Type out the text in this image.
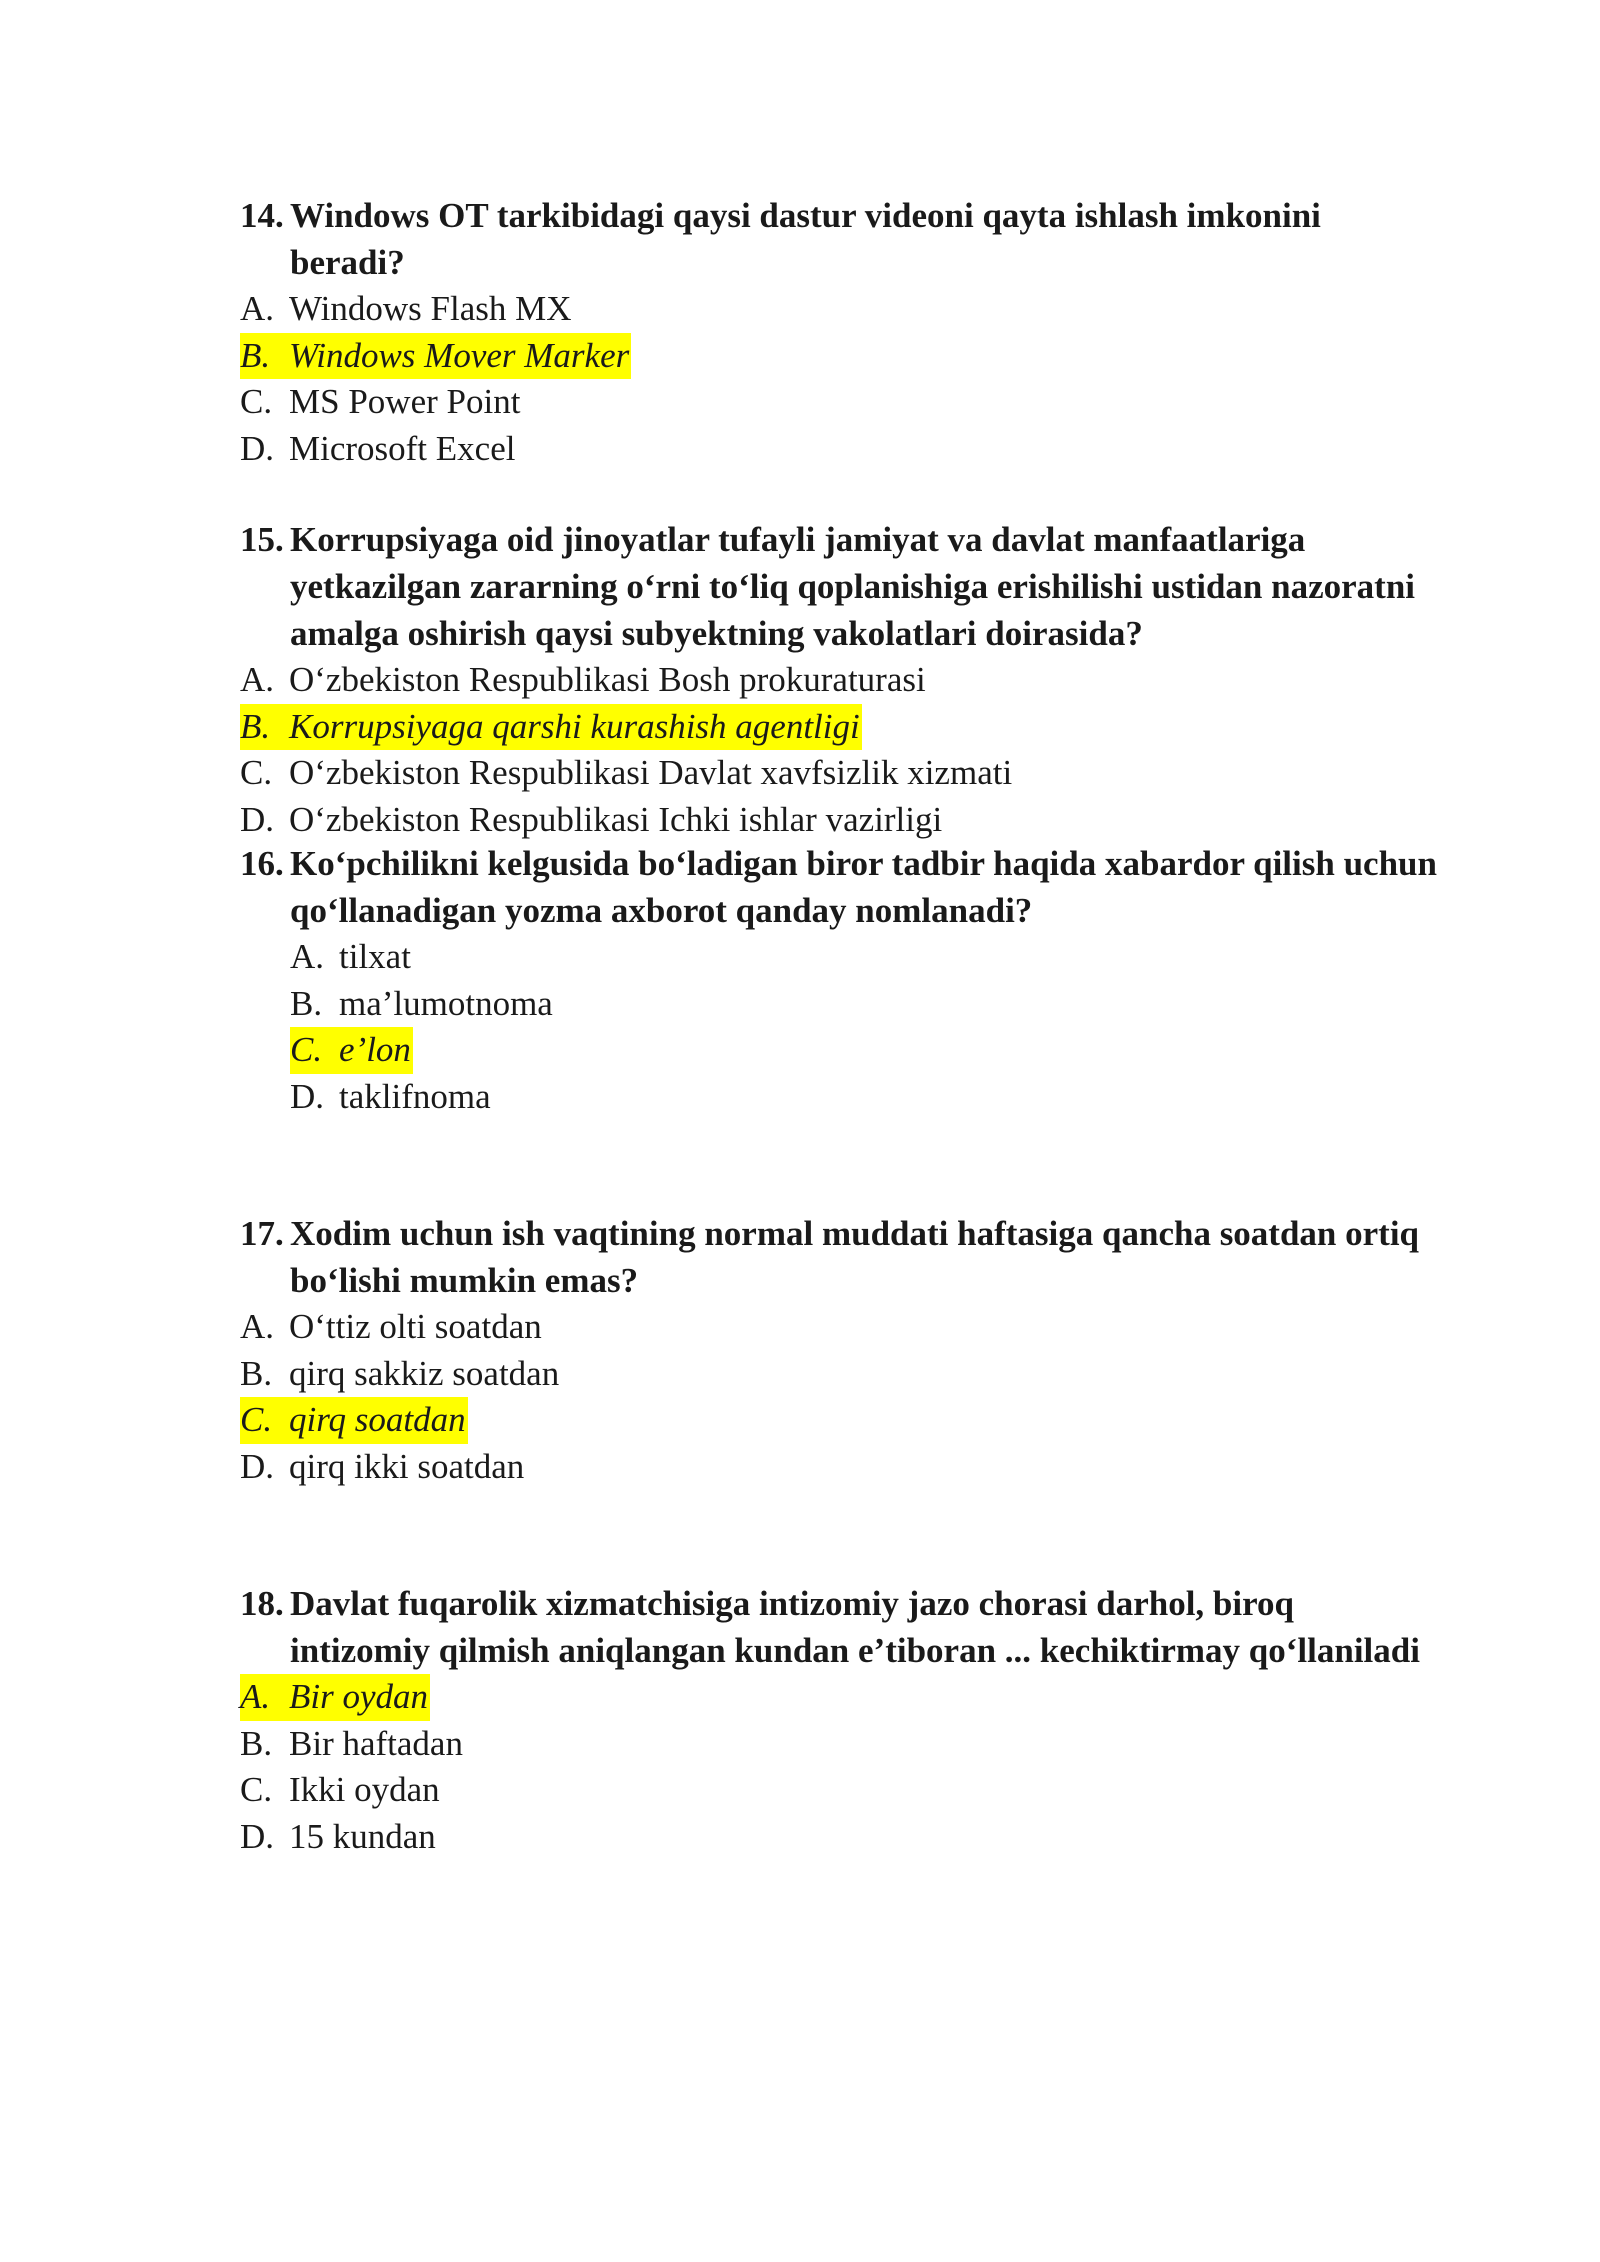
14. Windows OT tarkibidagi qaysi dastur videoni qayta ishlash imkonini beradi?
A. Windows Flash MX
B. Windows Mover Marker
C. MS Power Point
D. Microsoft Excel
15. Korrupsiyaga oid jinoyatlar tufayli jamiyat va davlat manfaatlariga yetkazilgan zararning o‘rni to‘liq qoplanishiga erishilishi ustidan nazoratni amalga oshirish qaysi subyektning vakolatlari doirasida?
A. O‘zbekiston Respublikasi Bosh prokuraturasi
B. Korrupsiyaga qarshi kurashish agentligi
C. O‘zbekiston Respublikasi Davlat xavfsizlik xizmati
D. O‘zbekiston Respublikasi Ichki ishlar vazirligi
16. Ko‘pchilikni kelgusida bo‘ladigan biror tadbir haqida xabardor qilish uchun qo‘llanadigan yozma axborot qanday nomlanadi?
A. tilxat
B. ma’lumotnoma
C. e’lon
D. taklifnoma
17. Xodim uchun ish vaqtining normal muddati haftasiga qancha soatdan ortiq bo‘lishi mumkin emas?
A. O‘ttiz olti soatdan
B. qirq sakkiz soatdan
C. qirq soatdan
D. qirq ikki soatdan
18. Davlat fuqarolik xizmatchisiga intizomiy jazo chorasi darhol, biroq intizomiy qilmish aniqlangan kundan e’tiboran ... kechiktirmay qo‘llaniladi
A. Bir oydan
B. Bir haftadan
C. Ikki oydan
D. 15 kundan
